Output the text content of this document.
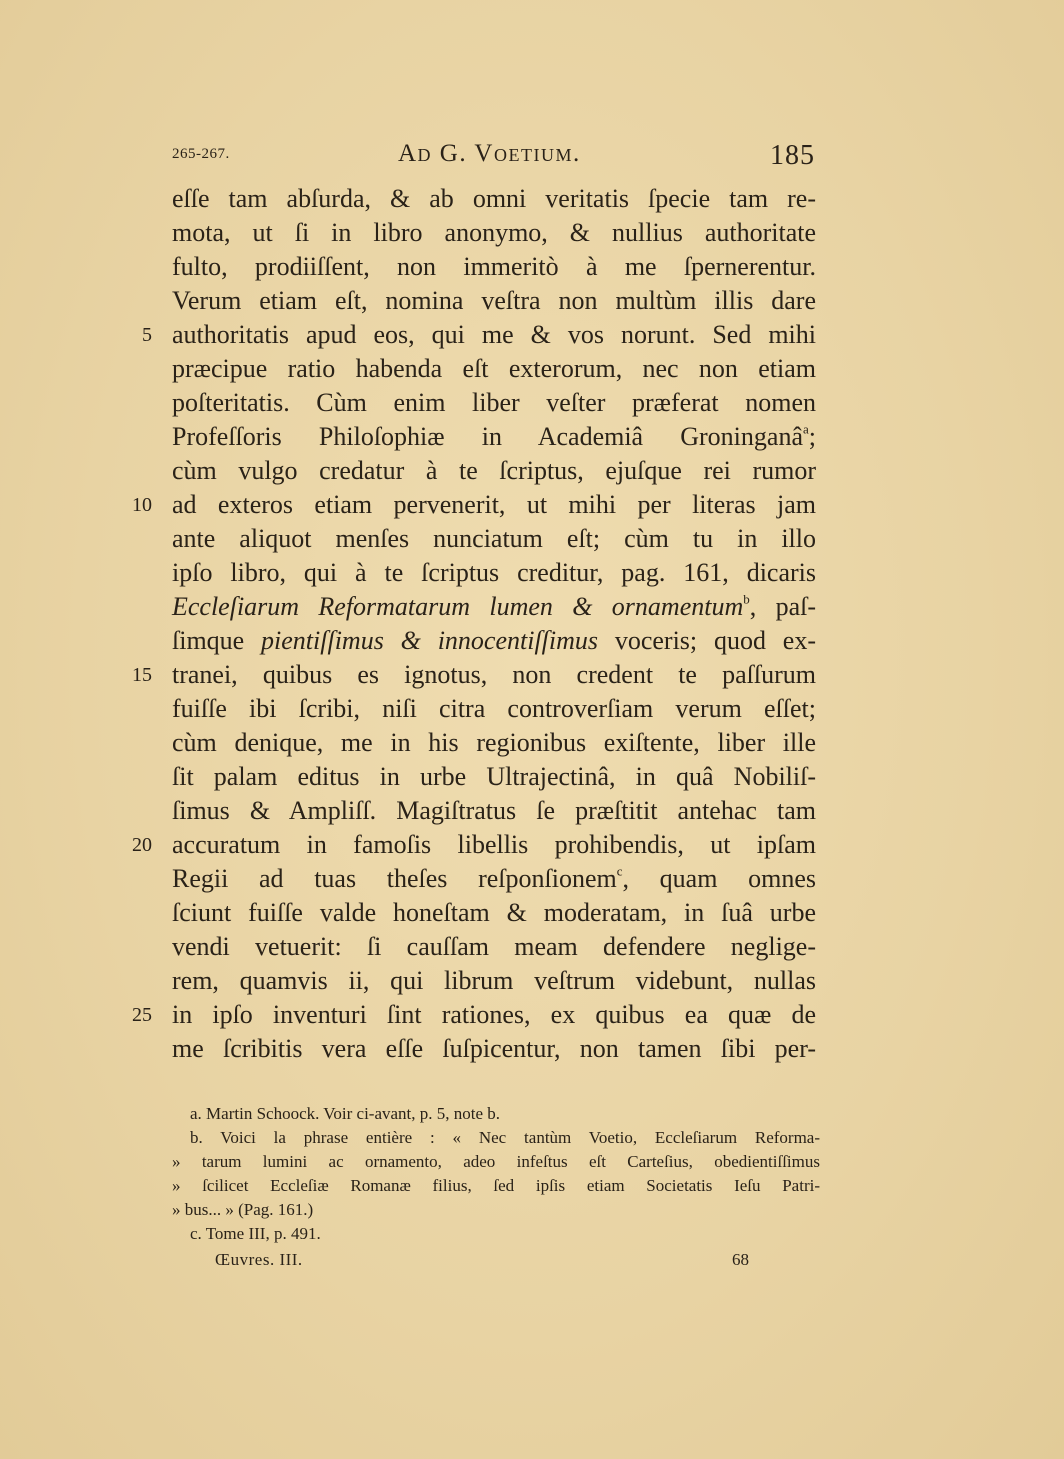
265-267.	Ad G. Voetium.	185
eſſe tam abſurda, & ab omni veritatis ſpecie tam re-
mota, ut ſi in libro anonymo, & nullius authoritate
fulto, prodiiſſent, non immeritò à me ſpernerentur.
Verum etiam eſt, nomina veſtra non multùm illis dare
5 authoritatis apud eos, qui me & vos norunt. Sed mihi
præcipue ratio habenda eſt exterorum, nec non etiam
poſteritatis. Cùm enim liber veſter præferat nomen
Profeſſoris Philoſophiæ in Academiâ Groninganâ$^a$;
cùm vulgo credatur à te ſcriptus, ejuſque rei rumor
10 ad exteros etiam pervenerit, ut mihi per literas jam
ante aliquot menſes nunciatum eſt; cùm tu in illo
ipſo libro, qui à te ſcriptus creditur, pag. 161, dicaris
Eccleſiarum Reformatarum lumen & ornamentum$^b$, paſ-
ſimque pientiſſimus & innocentiſſimus voceris; quod ex-
15 tranei, quibus es ignotus, non credent te paſſurum
fuiſſe ibi ſcribi, niſi citra controverſiam verum eſſet;
cùm denique, me in his regionibus exiſtente, liber ille
ſit palam editus in urbe Ultrajectinâ, in quâ Nobiliſ-
ſimus & Ampliſſ. Magiſtratus ſe præſtitit antehac tam
20 accuratum in famoſis libellis prohibendis, ut ipſam
Regii ad tuas theſes reſponſionem$^c$, quam omnes
ſciunt fuiſſe valde honeſtam & moderatam, in ſuâ urbe
vendi vetuerit: ſi cauſſam meam defendere neglige-
rem, quamvis ii, qui librum veſtrum videbunt, nullas
25 in ipſo inventuri ſint rationes, ex quibus ea quæ de
me ſcribitis vera eſſe ſuſpicentur, non tamen ſibi per-
a. Martin Schoock. Voir ci-avant, p. 5, note b.
b. Voici la phrase entière : « Nec tantùm Voetio, Eccleſiarum Reforma-
» tarum lumini ac ornamento, adeo infeſtus eſt Carteſius, obedientiſſimus
» ſcilicet Eccleſiæ Romanæ filius, ſed ipſis etiam Societatis Ieſu Patri-
» bus... » (Pag. 161.)
c. Tome III, p. 491.
Œuvres. III.	68
